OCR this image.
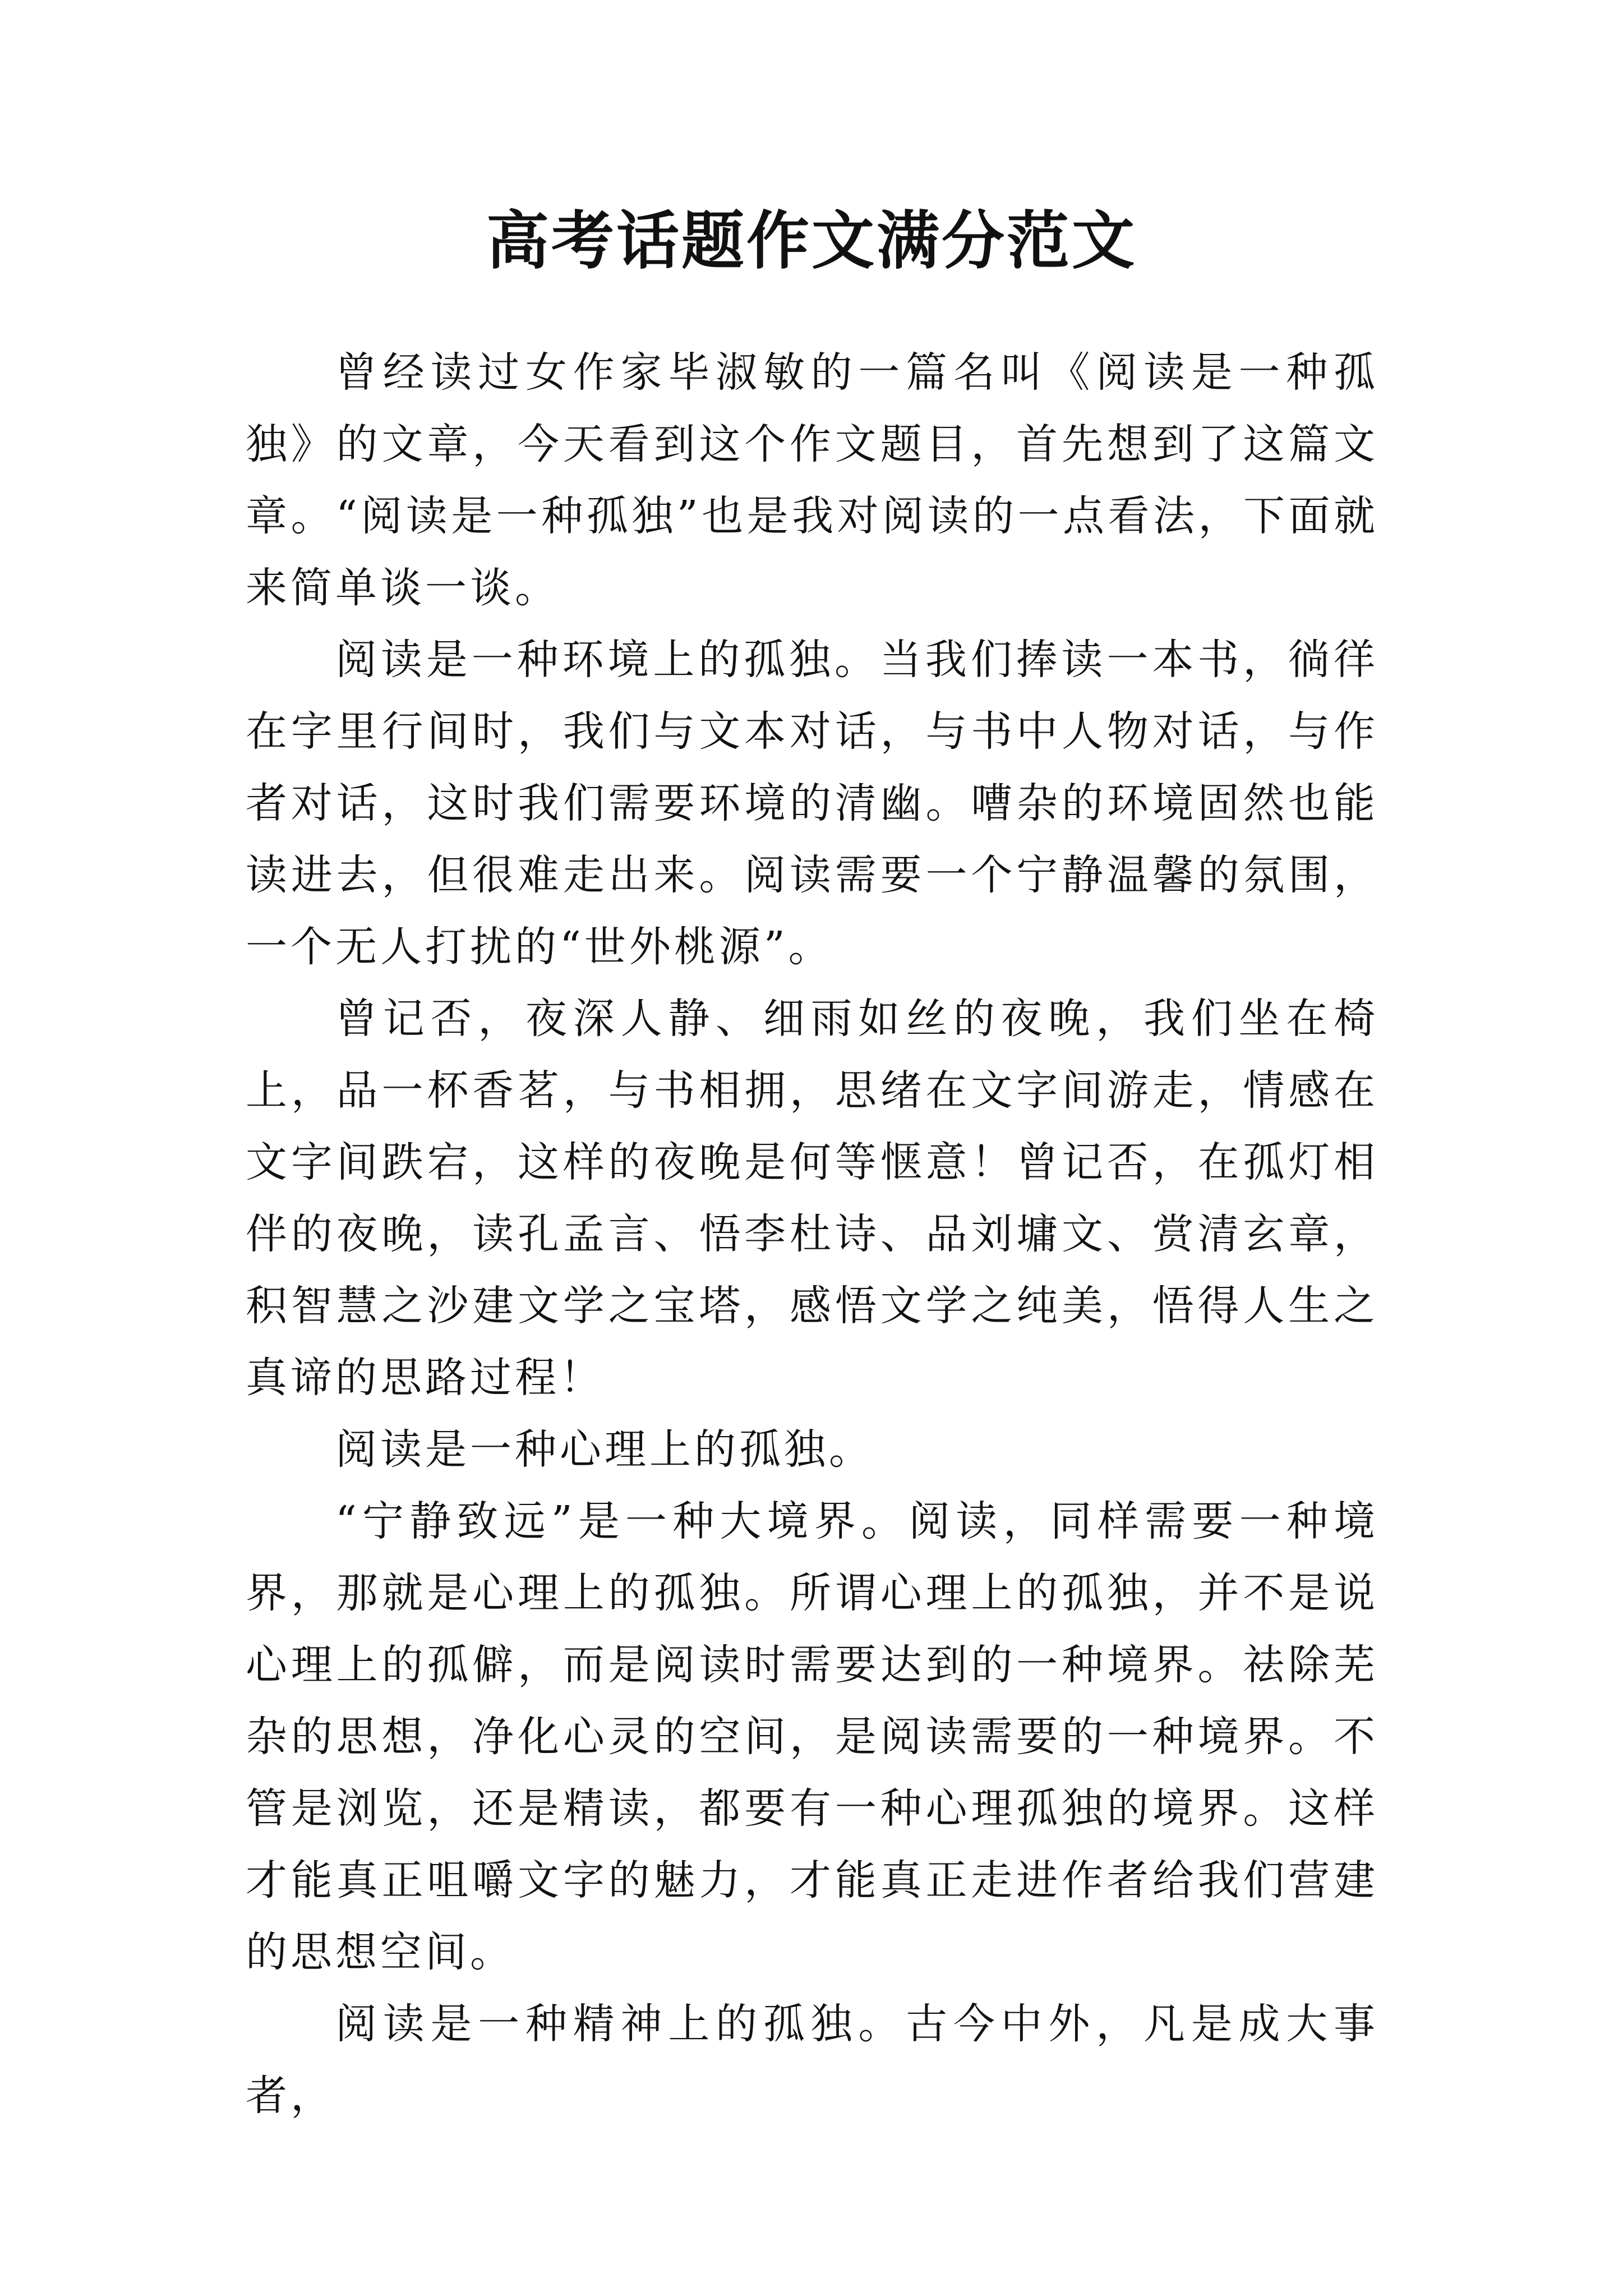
高考话题作文满分范文

曾经读过女作家毕淑敏的一篇名叫《阅读是一种孤独》的文章，今天看到这个作文题目，首先想到了这篇文章。“阅读是一种孤独”也是我对阅读的一点看法，下面就来简单谈一谈。

阅读是一种环境上的孤独。当我们捧读一本书，徜徉在字里行间时，我们与文本对话，与书中人物对话，与作者对话，这时我们需要环境的清幽。嘈杂的环境固然也能读进去，但很难走出来。阅读需要一个宁静温馨的氛围，一个无人打扰的“世外桃源”。

曾记否，夜深人静、细雨如丝的夜晚，我们坐在椅上，品一杯香茗，与书相拥，思绪在文字间游走，情感在文字间跌宕，这样的夜晚是何等惬意！曾记否，在孤灯相伴的夜晚，读孔孟言、悟李杜诗、品刘墉文、赏清玄章，积智慧之沙建文学之宝塔，感悟文学之纯美，悟得人生之真谛的思路过程！

阅读是一种心理上的孤独。

“宁静致远”是一种大境界。阅读，同样需要一种境界，那就是心理上的孤独。所谓心理上的孤独，并不是说心理上的孤僻，而是阅读时需要达到的一种境界。祛除芜杂的思想，净化心灵的空间，是阅读需要的一种境界。不管是浏览，还是精读，都要有一种心理孤独的境界。这样才能真正咀嚼文字的魅力，才能真正走进作者给我们营建的思想空间。

阅读是一种精神上的孤独。古今中外，凡是成大事者，
